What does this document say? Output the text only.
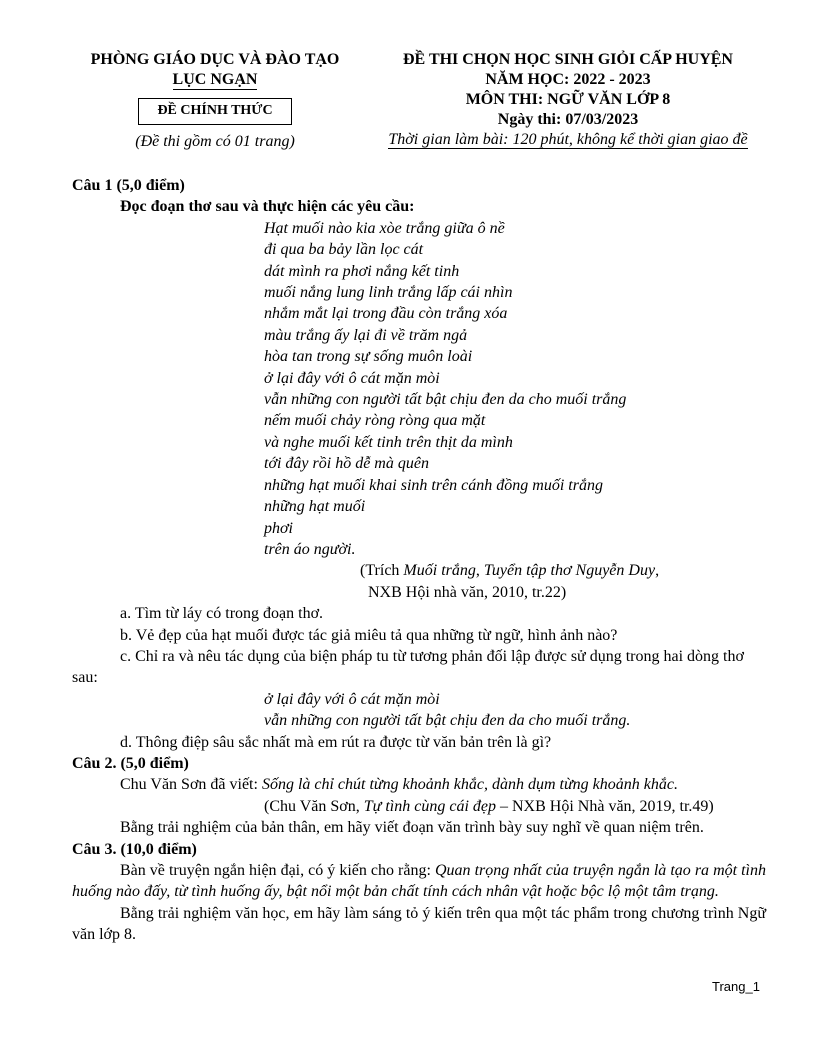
PHÒNG GIÁO DỤC VÀ ĐÀO TẠO
LỤC NGẠN
ĐỀ CHÍNH THỨC
(Đề thi gồm có 01 trang)
ĐỀ THI CHỌN HỌC SINH GIỎI CẤP HUYỆN
NĂM HỌC: 2022 - 2023
MÔN THI: NGỮ VĂN LỚP 8
Ngày thi: 07/03/2023
Thời gian làm bài: 120 phút, không kể thời gian giao đề

Câu 1 (5,0 điểm)

Đọc đoạn thơ sau và thực hiện các yêu cầu:

Hạt muối nào kia xòe trắng giữa ô nề

đi qua ba bảy lần lọc cát

dát mình ra phơi nắng kết tinh

muối nắng lung linh trắng lấp cái nhìn

nhắm mắt lại trong đầu còn trắng xóa

màu trắng ấy lại đi về trăm ngả

hòa tan trong sự sống muôn loài

ở lại đây với ô cát mặn mòi

vẫn những con người tất bật chịu đen da cho muối trắng

nếm muối chảy ròng ròng qua mặt

và nghe muối kết tinh trên thịt da mình

tới đây rồi hồ dễ mà quên

những hạt muối khai sinh trên cánh đồng muối trắng

những hạt muối

phơi

trên áo người.

(Trích Muối trắng, Tuyển tập thơ Nguyễn Duy,

NXB Hội nhà văn, 2010, tr.22)

a. Tìm từ láy có trong đoạn thơ.

b. Vẻ đẹp của hạt muối được tác giả miêu tả qua những từ ngữ, hình ảnh nào?

c. Chỉ ra và nêu tác dụng của biện pháp tu từ tương phản đối lập được sử dụng trong hai dòng thơ sau:

ở lại đây với ô cát mặn mòi

vẫn những con người tất bật chịu đen da cho muối trắng.

d. Thông điệp sâu sắc nhất mà em rút ra được từ văn bản trên là gì?

Câu 2. (5,0 điểm)

Chu Văn Sơn đã viết: Sống là chỉ chút từng khoảnh khắc, dành dụm từng khoảnh khắc.

(Chu Văn Sơn, Tự tình cùng cái đẹp – NXB Hội Nhà văn, 2019, tr.49)

Bằng trải nghiệm của bản thân, em hãy viết đoạn văn trình bày suy nghĩ về quan niệm trên.

Câu 3. (10,0 điểm)

Bàn về truyện ngắn hiện đại, có ý kiến cho rằng: Quan trọng nhất của truyện ngắn là tạo ra một tình huống nào đấy, từ tình huống ấy, bật nổi một bản chất tính cách nhân vật hoặc bộc lộ một tâm trạng.

Bằng trải nghiệm văn học, em hãy làm sáng tỏ ý kiến trên qua một tác phẩm trong chương trình Ngữ văn lớp 8.

Trang_1
